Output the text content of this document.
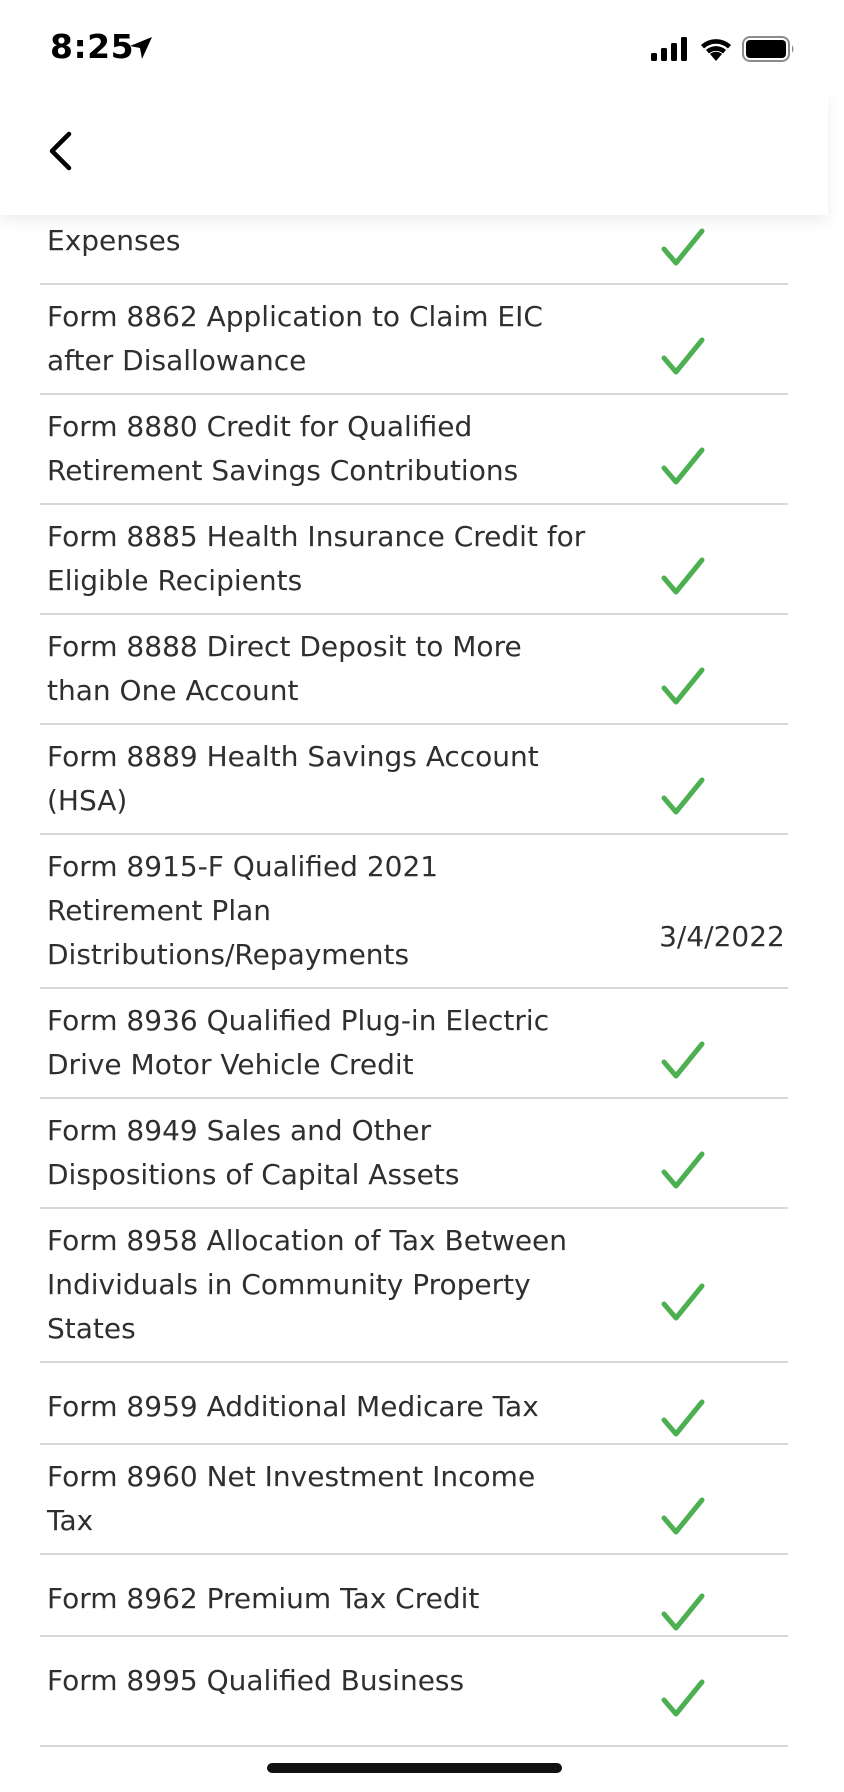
8:25
Expenses
Form 8862 Application to Claim EIC after Disallowance
Form 8880 Credit for Qualified Retirement Savings Contributions
Form 8885 Health Insurance Credit for Eligible Recipients
Form 8888 Direct Deposit to More than One Account
Form 8889 Health Savings Account (HSA)
Form 8915-F Qualified 2021 Retirement Plan Distributions/Repayments
3/4/2022
Form 8936 Qualified Plug-in Electric Drive Motor Vehicle Credit
Form 8949 Sales and Other Dispositions of Capital Assets
Form 8958 Allocation of Tax Between Individuals in Community Property States
Form 8959 Additional Medicare Tax
Form 8960 Net Investment Income Tax
Form 8962 Premium Tax Credit
Form 8995 Qualified Business
